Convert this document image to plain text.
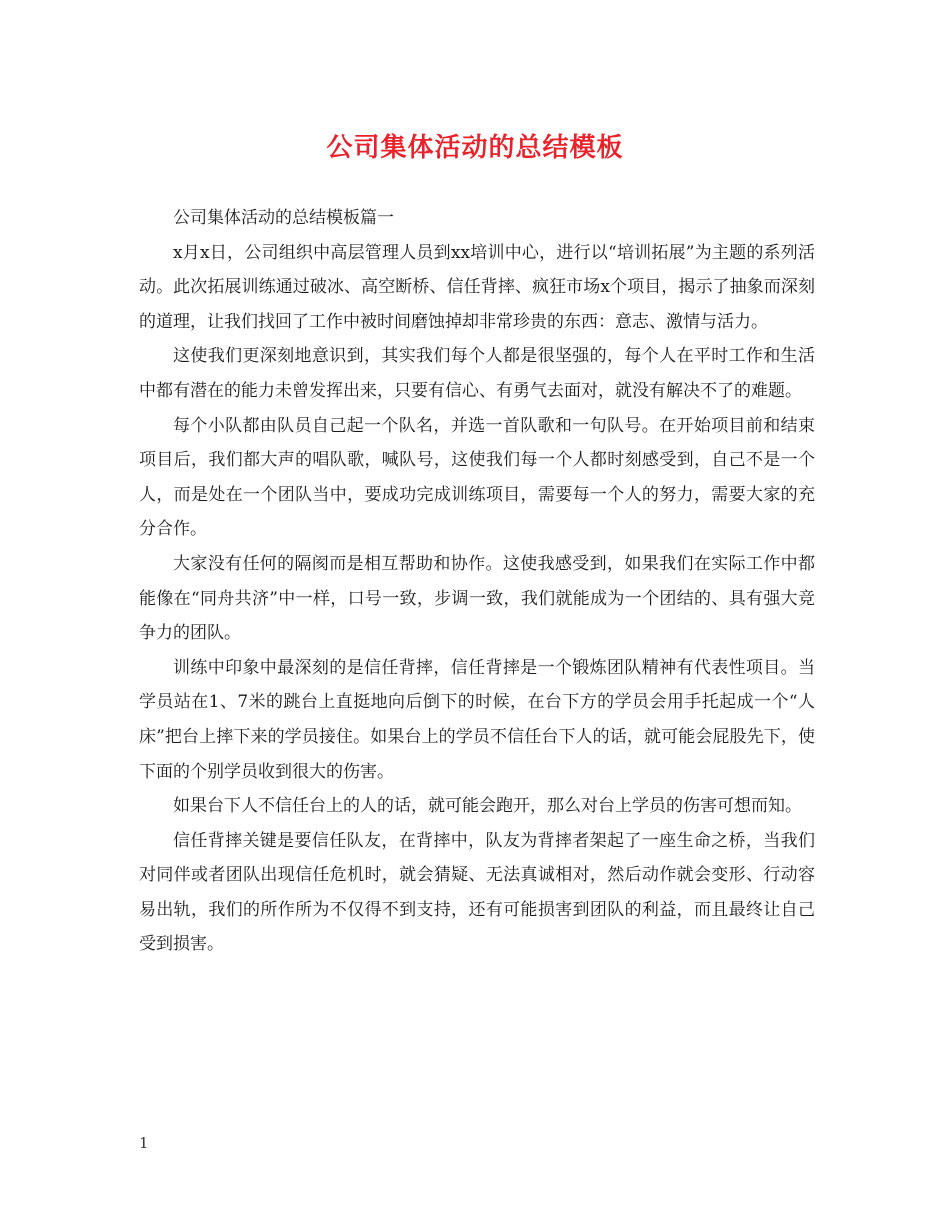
公司集体活动的总结模板

公司集体活动的总结模板篇一

x月x日，公司组织中高层管理人员到xx培训中心，进行以“培训拓展”为主题的系列活动。此次拓展训练通过破冰、高空断桥、信任背摔、疯狂市场x个项目，揭示了抽象而深刻的道理，让我们找回了工作中被时间磨蚀掉却非常珍贵的东西：意志、激情与活力。

这使我们更深刻地意识到，其实我们每个人都是很坚强的，每个人在平时工作和生活中都有潜在的能力未曾发挥出来，只要有信心、有勇气去面对，就没有解决不了的难题。

每个小队都由队员自己起一个队名，并选一首队歌和一句队号。在开始项目前和结束项目后，我们都大声的唱队歌，喊队号，这使我们每一个人都时刻感受到，自己不是一个人，而是处在一个团队当中，要成功完成训练项目，需要每一个人的努力，需要大家的充分合作。

大家没有任何的隔阂而是相互帮助和协作。这使我感受到，如果我们在实际工作中都能像在“同舟共济”中一样，口号一致，步调一致，我们就能成为一个团结的、具有强大竞争力的团队。

训练中印象中最深刻的是信任背摔，信任背摔是一个锻炼团队精神有代表性项目。当学员站在1、7米的跳台上直挺地向后倒下的时候，在台下方的学员会用手托起成一个“人床”把台上摔下来的学员接住。如果台上的学员不信任台下人的话，就可能会屁股先下，使下面的个别学员收到很大的伤害。

如果台下人不信任台上的人的话，就可能会跑开，那么对台上学员的伤害可想而知。

信任背摔关键是要信任队友，在背摔中，队友为背摔者架起了一座生命之桥，当我们对同伴或者团队出现信任危机时，就会猜疑、无法真诚相对，然后动作就会变形、行动容易出轨，我们的所作所为不仅得不到支持，还有可能损害到团队的利益，而且最终让自己受到损害。

1
